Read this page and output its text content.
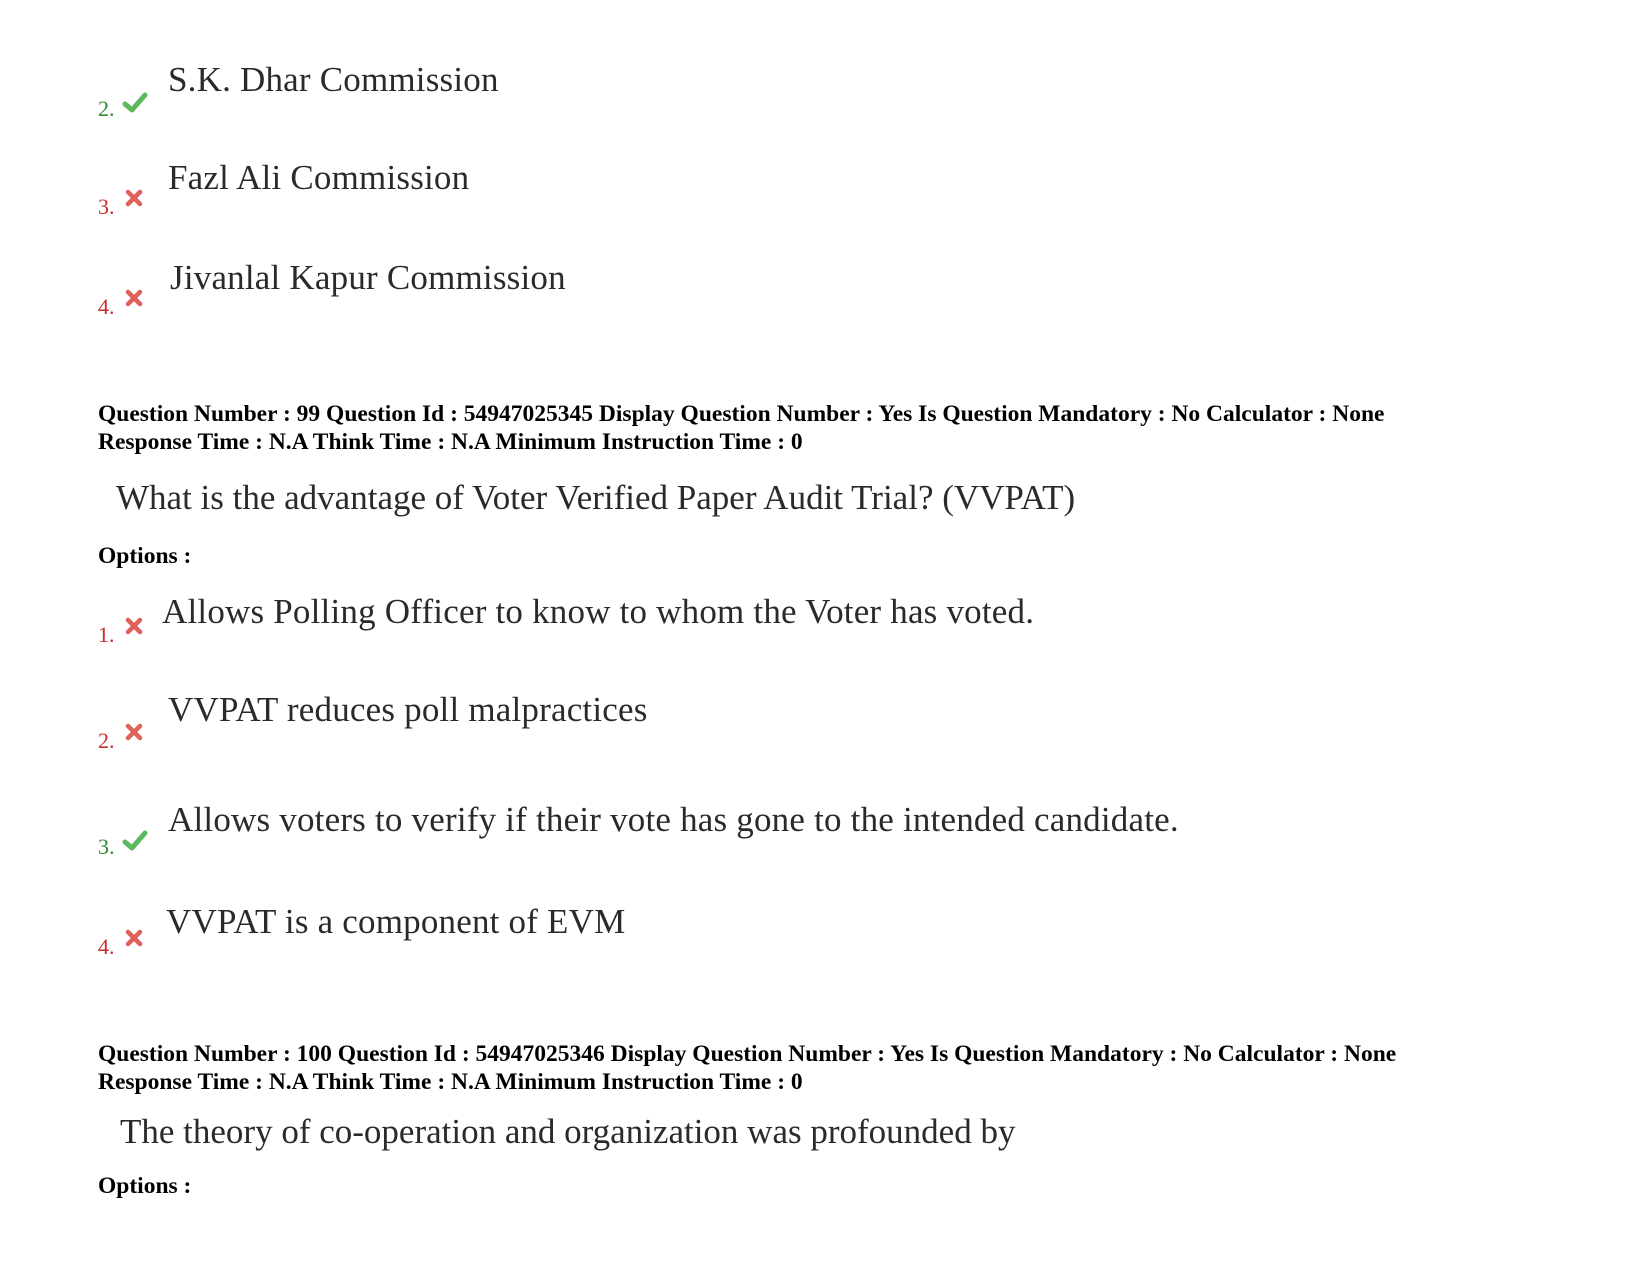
2.
S.K. Dhar Commission
3.
Fazl Ali Commission
4.
Jivanlal Kapur Commission
Question Number : 99 Question Id : 54947025345 Display Question Number : Yes Is Question Mandatory : No Calculator : None
Response Time : N.A Think Time : N.A Minimum Instruction Time : 0
What is the advantage of Voter Verified Paper Audit Trial? (VVPAT)
Options :
1.
Allows Polling Officer to know to whom the Voter has voted.
2.
VVPAT reduces poll malpractices
3.
Allows voters to verify if their vote has gone to the intended candidate.
4.
VVPAT is a component of EVM
Question Number : 100 Question Id : 54947025346 Display Question Number : Yes Is Question Mandatory : No Calculator : None
Response Time : N.A Think Time : N.A Minimum Instruction Time : 0
The theory of co-operation and organization was profounded by
Options :
